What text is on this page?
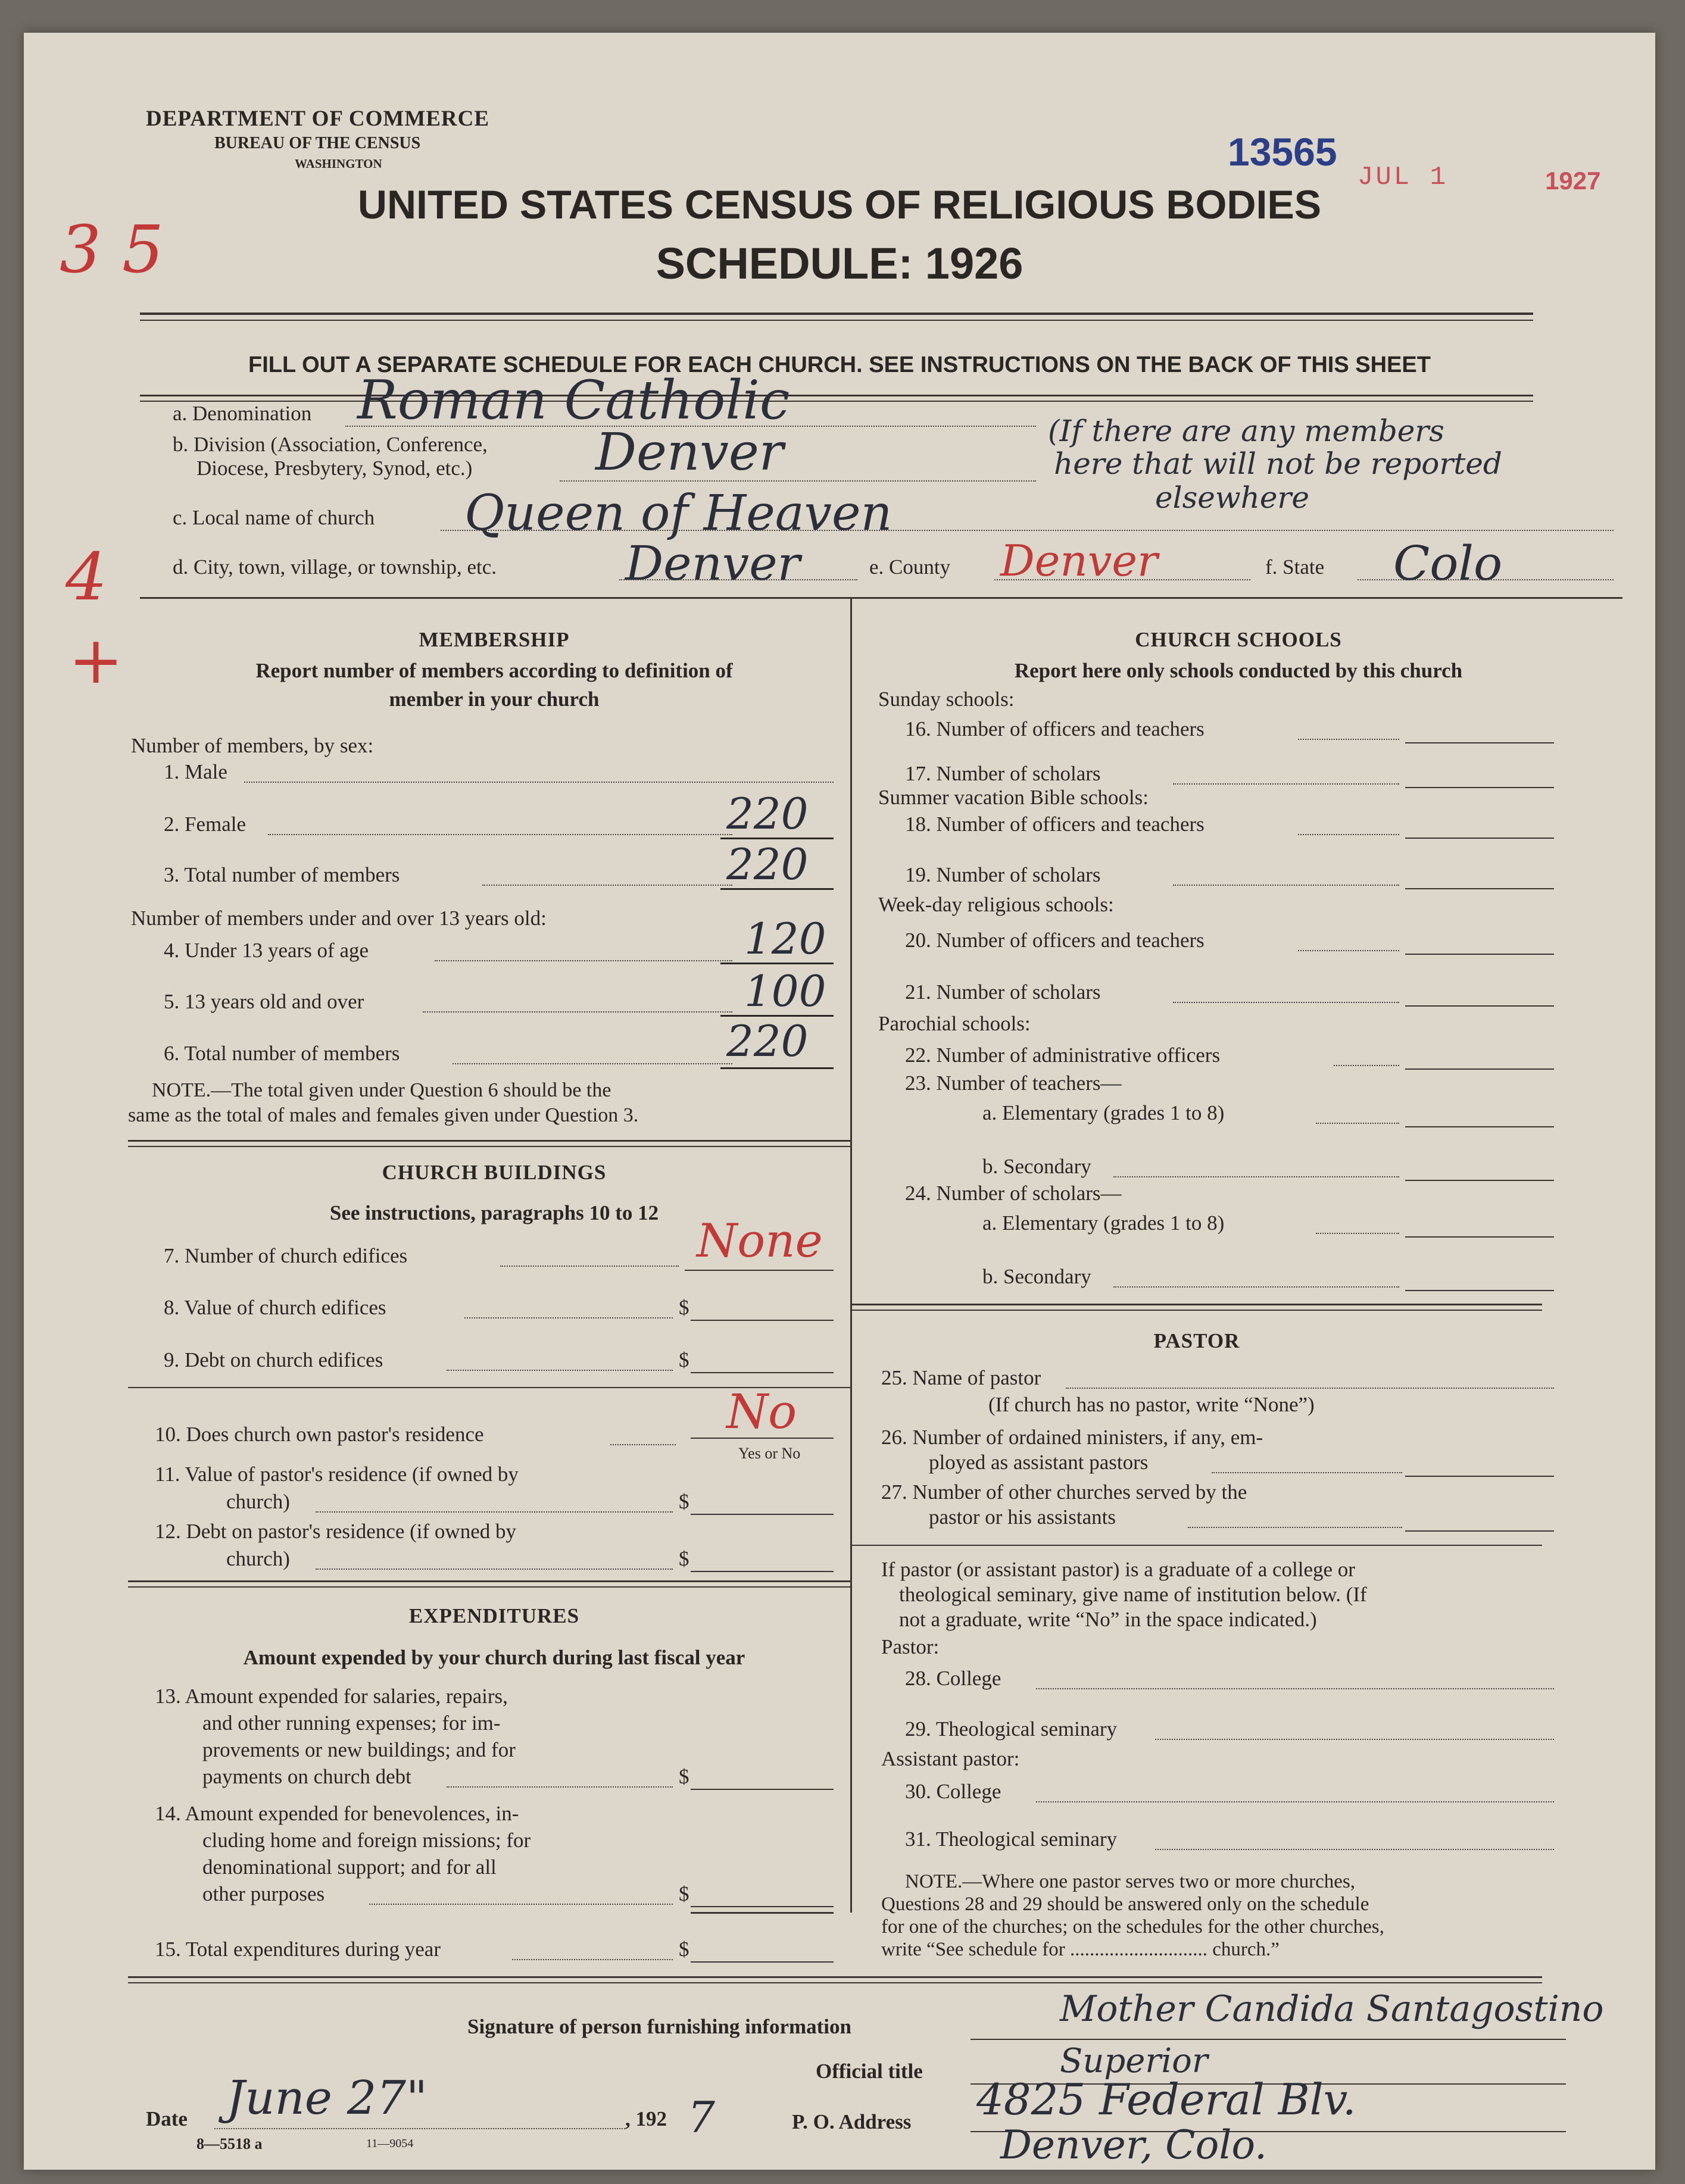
DEPARTMENT OF COMMERCE
BUREAU OF THE CENSUS
WASHINGTON	13565
JUL 1	1927
UNITED STATES CENSUS OF RELIGIOUS BODIES
SCHEDULE: 1926
3 5
4
+
FILL OUT A SEPARATE SCHEDULE FOR EACH CHURCH. SEE INSTRUCTIONS ON THE BACK OF THIS SHEET
a. Denomination Roman Catholic
b. Division (Association, Conference,
Diocese, Presbytery, Synod, etc.) Denver	(If there are any members
here that will not be reported
elsewhere
c. Local name of church Queen of Heaven
d. City, town, village, or township, etc.	Denver	e. County Denver	f. State Colo
MEMBERSHIP
Report number of members according to definition of
member in your church
Number of members, by sex:
1. Male
2. Female	220
3. Total number of members	220
Number of members under and over 13 years old:
4. Under 13 years of age	120
5. 13 years old and over	100
6. Total number of members	220
NOTE.—The total given under Question 6 should be the
same as the total of males and females given under Question 3.
CHURCH BUILDINGS
See instructions, paragraphs 10 to 12
7. Number of church edifices	None
8. Value of church edifices	$
9. Debt on church edifices	$
10. Does church own pastor's residence	No
Yes or No
11. Value of pastor's residence (if owned by
church)	$
12. Debt on pastor's residence (if owned by
church)	$
EXPENDITURES
Amount expended by your church during last fiscal year
13. Amount expended for salaries, repairs,
and other running expenses; for im-
provements or new buildings; and for
payments on church debt	$
14. Amount expended for benevolences, in-
cluding home and foreign missions; for
denominational support; and for all
other purposes	$
15. Total expenditures during year	$
CHURCH SCHOOLS
Report here only schools conducted by this church
Sunday schools:
16. Number of officers and teachers
17. Number of scholars
Summer vacation Bible schools:
18. Number of officers and teachers
19. Number of scholars
Week-day religious schools:
20. Number of officers and teachers
21. Number of scholars
Parochial schools:
22. Number of administrative officers
23. Number of teachers—
a. Elementary (grades 1 to 8)
b. Secondary
24. Number of scholars—
a. Elementary (grades 1 to 8)
b. Secondary
PASTOR
25. Name of pastor
(If church has no pastor, write “None”)
26. Number of ordained ministers, if any, em-
ployed as assistant pastors
27. Number of other churches served by the
pastor or his assistants
If pastor (or assistant pastor) is a graduate of a college or
theological seminary, give name of institution below. (If
not a graduate, write “No” in the space indicated.)
Pastor:
28. College
29. Theological seminary
Assistant pastor:
30. College
31. Theological seminary
NOTE.—Where one pastor serves two or more churches,
Questions 28 and 29 should be answered only on the schedule
for one of the churches; on the schedules for the other churches,
write “See schedule for ............................ church.”
Signature of person furnishing information	Mother Candida Santagostino
Official title	Superior
Date June 27"	, 192 7	P. O. Address 4825 Federal Blv.
Denver, Colo.
8—5518 a	11—9054
